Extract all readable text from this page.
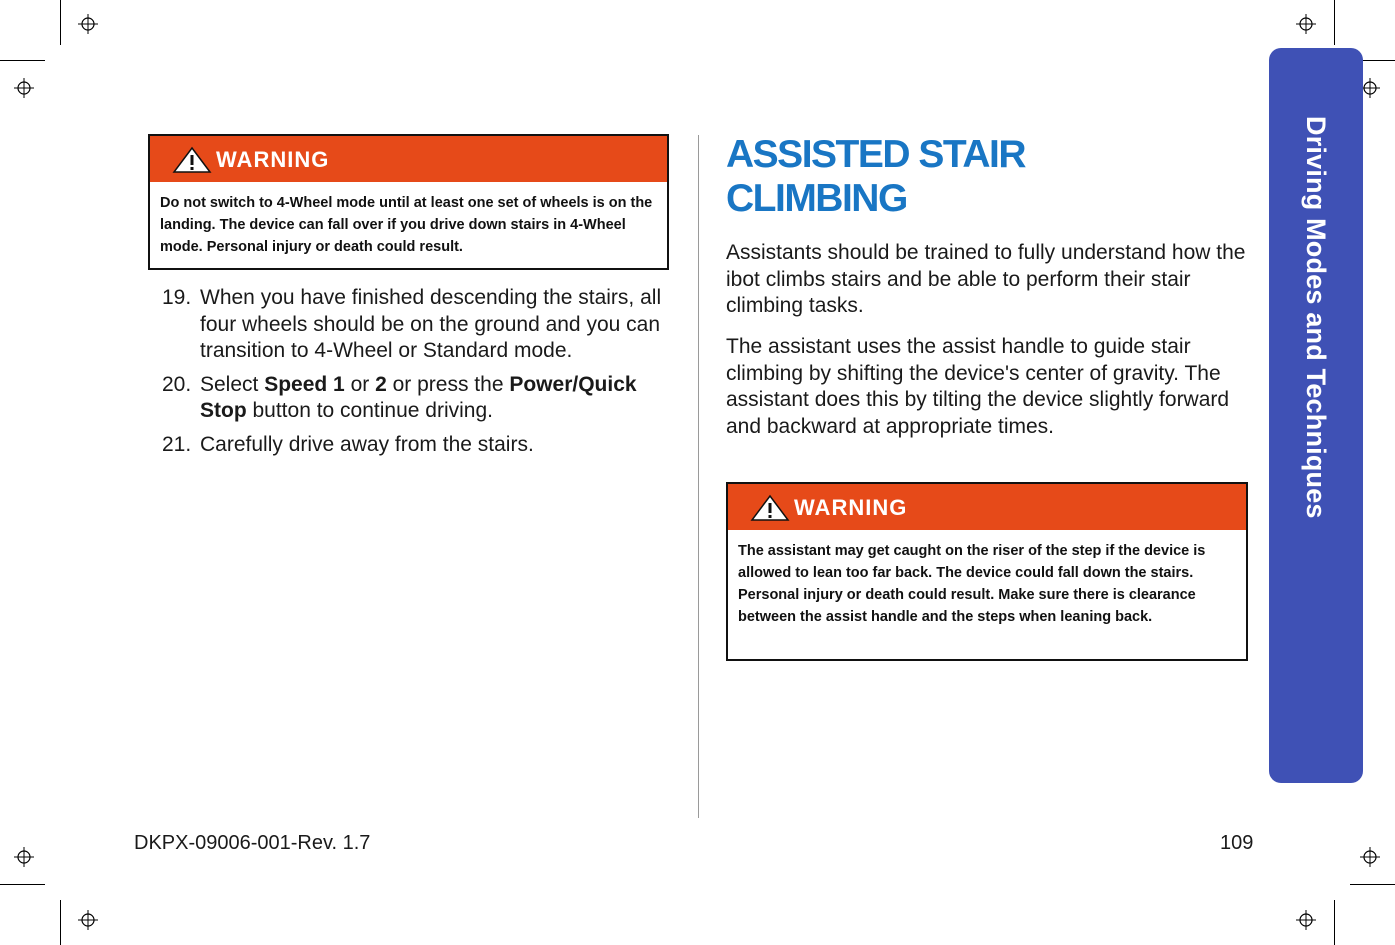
Driving Modes and Techniques
WARNING
Do not switch to 4-Wheel mode until at least one set of wheels is on the landing. The device can fall over if you drive down stairs in 4-Wheel mode. Personal injury or death could result.
19. When you have finished descending the stairs, all four wheels should be on the ground and you can transition to 4-Wheel or Standard mode.
20. Select Speed 1 or 2 or press the Power/Quick Stop button to continue driving.
21. Carefully drive away from the stairs.
ASSISTED STAIR
CLIMBING

Assistants should be trained to fully understand how the ibot climbs stairs and be able to perform their stair climbing tasks.

The assistant uses the assist handle to guide stair climbing by shifting the device's center of gravity. The assistant does this by tilting the device slightly forward and backward at appropriate times.

WARNING
The assistant may get caught on the riser of the step if the device is allowed to lean too far back. The device could fall down the stairs. Personal injury or death could result. Make sure there is clearance between the assist handle and the steps when leaning back.
DKPX-09006-001-Rev. 1.7	109
